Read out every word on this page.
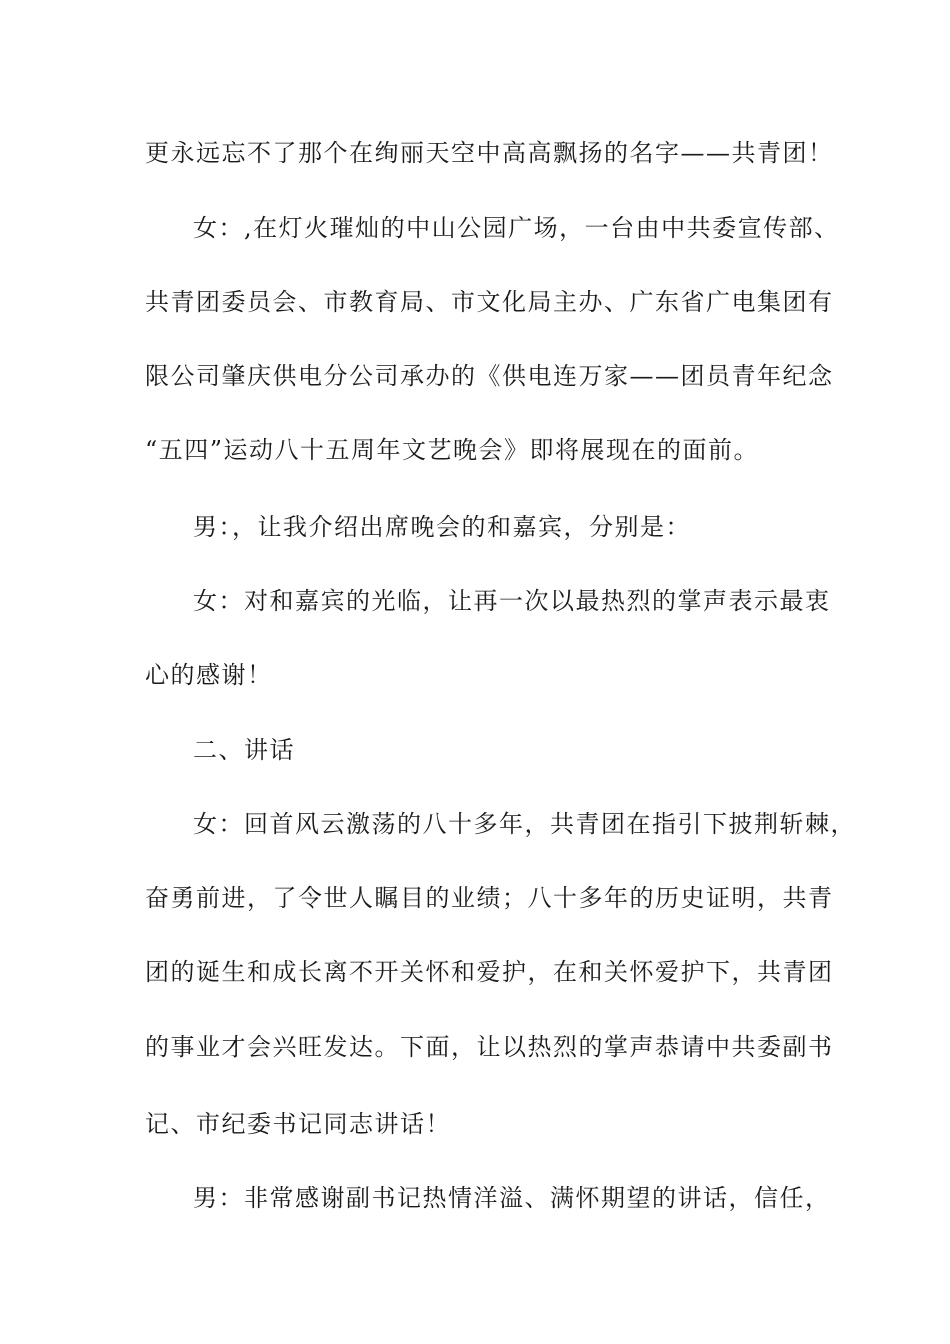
更永远忘不了那个在绚丽天空中高高飘扬的名字——共青团！
女：,在灯火璀灿的中山公园广场，一台由中共委宣传部、
共青团委员会、市教育局、市文化局主办、广东省广电集团有
限公司肇庆供电分公司承办的《供电连万家——团员青年纪念
“五四”运动八十五周年文艺晚会》即将展现在的面前。
男：，让我介绍出席晚会的和嘉宾，分别是：
女：对和嘉宾的光临，让再一次以最热烈的掌声表示最衷
心的感谢！
二、讲话
女：回首风云激荡的八十多年，共青团在指引下披荆斩棘，
奋勇前进，了令世人瞩目的业绩；八十多年的历史证明，共青
团的诞生和成长离不开关怀和爱护，在和关怀爱护下，共青团
的事业才会兴旺发达。下面，让以热烈的掌声恭请中共委副书
记、市纪委书记同志讲话！
男：非常感谢副书记热情洋溢、满怀期望的讲话，信任，
